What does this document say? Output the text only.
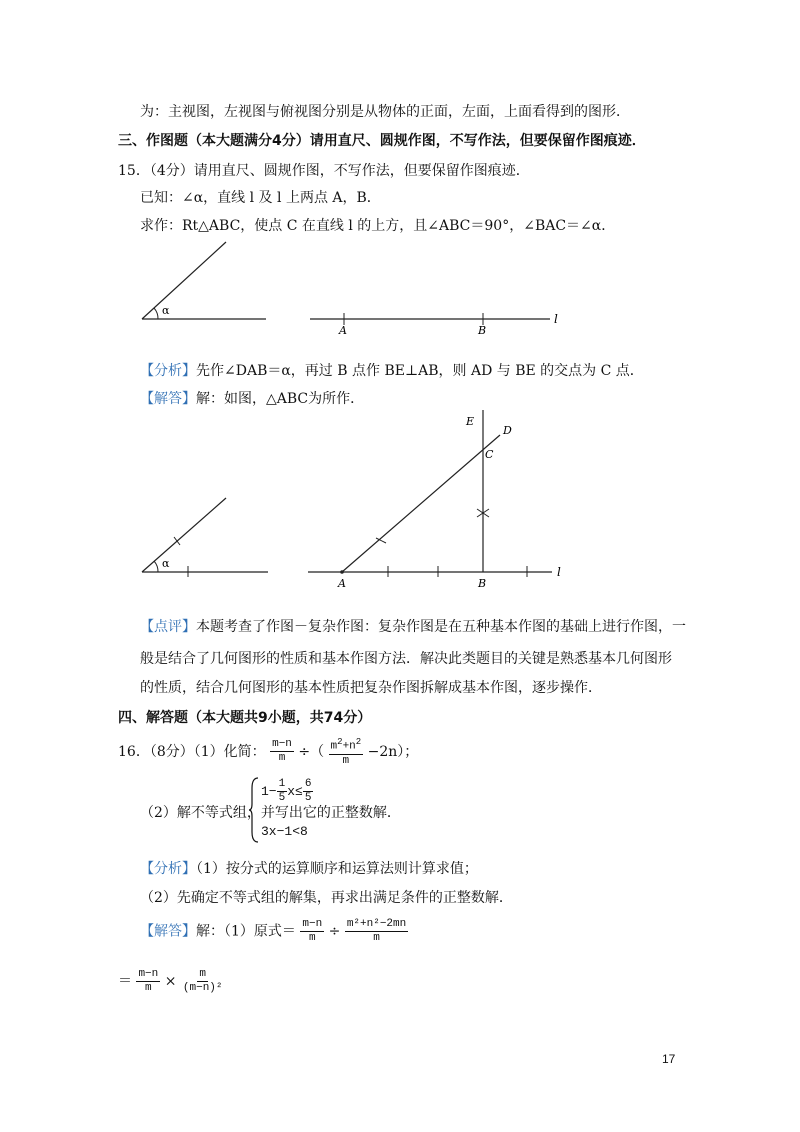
为：主视图，左视图与俯视图分别是从物体的正面，左面，上面看得到的图形．
三、作图题（本大题满分4分）请用直尺、圆规作图，不写作法，但要保留作图痕迹．
15．（4分）请用直尺、圆规作图，不写作法，但要保留作图痕迹．
已知：∠α，直线 l 及 l 上两点 A，B．
求作：Rt△ABC，使点 C 在直线 l 的上方，且∠ABC＝90°，∠BAC＝∠α．
α
A	B
l
【分析】先作∠DAB＝α，再过 B 点作 BE⊥AB，则 AD 与 BE 的交点为 C 点．
【解答】解：如图，△ABC为所作．
α
A	B
C
D
E
l
【点评】本题考查了作图－复杂作图：复杂作图是在五种基本作图的基础上进行作图，一
般是结合了几何图形的性质和基本作图方法．解决此类题目的关键是熟悉基本几何图形
的性质，结合几何图形的基本性质把复杂作图拆解成基本作图，逐步操作．
四、解答题（本大题共9小题，共74分）
16．（8分）（1）化简： $\frac{m-n}{m}$ ÷（ $\frac{m^2+n^2}{m} -2n$）；
（2）解不等式组，并写出它的正整数解．
$1- \frac{1}{5} x\le \frac{6}{5}$
3x−1<8
【分析】（1）按分式的运算顺序和运算法则计算求值；
（2）先确定不等式组的解集，再求出满足条件的正整数解．
【解答】解：（1）原式＝ $\frac{m-n}{m} \div \frac{\text{m²+n²−2mn}}{m}$
＝ $\frac{m-n}{m} \times \frac{m}{\text{(m−n)²}}$
17
